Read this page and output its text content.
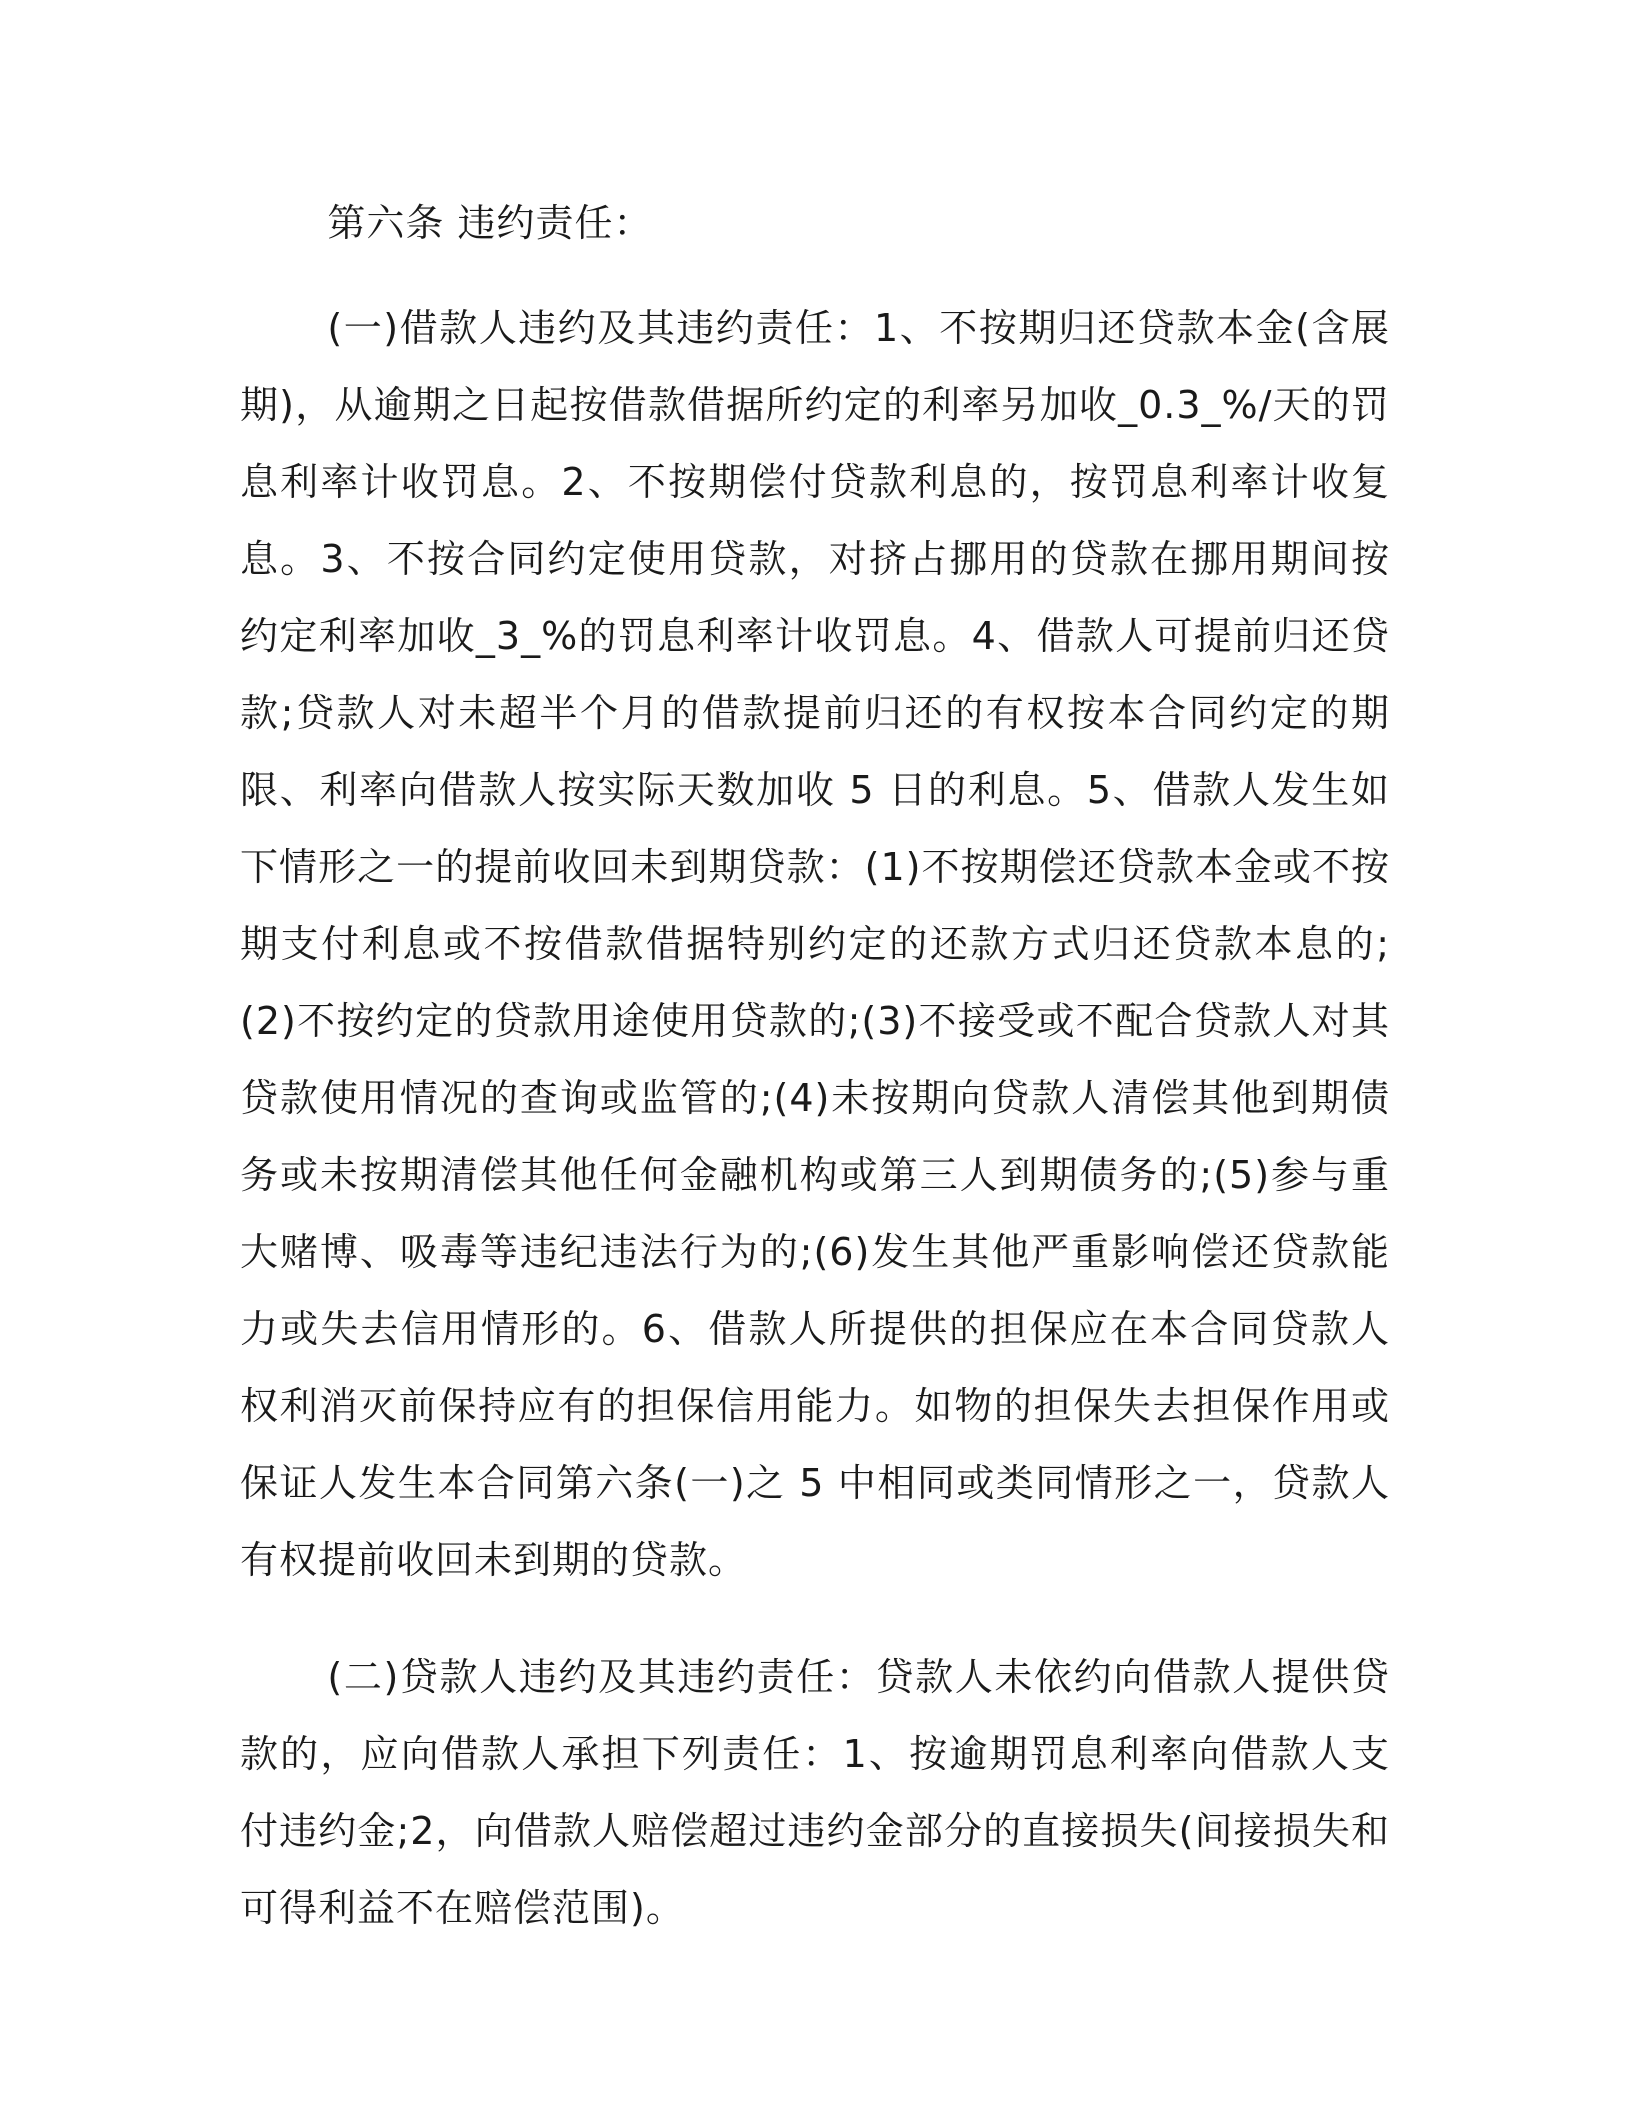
第六条 违约责任：

(一)借款人违约及其违约责任：1、不按期归还贷款本金(含展期)，从逾期之日起按借款借据所约定的利率另加收_0.3_%/天的罚息利率计收罚息。2、不按期偿付贷款利息的，按罚息利率计收复息。3、不按合同约定使用贷款，对挤占挪用的贷款在挪用期间按约定利率加收_3_%的罚息利率计收罚息。4、借款人可提前归还贷款;贷款人对未超半个月的借款提前归还的有权按本合同约定的期限、利率向借款人按实际天数加收 5 日的利息。5、借款人发生如下情形之一的提前收回未到期贷款：(1)不按期偿还贷款本金或不按期支付利息或不按借款借据特别约定的还款方式归还贷款本息的;(2)不按约定的贷款用途使用贷款的;(3)不接受或不配合贷款人对其贷款使用情况的查询或监管的;(4)未按期向贷款人清偿其他到期债务或未按期清偿其他任何金融机构或第三人到期债务的;(5)参与重大赌博、吸毒等违纪违法行为的;(6)发生其他严重影响偿还贷款能力或失去信用情形的。6、借款人所提供的担保应在本合同贷款人权利消灭前保持应有的担保信用能力。如物的担保失去担保作用或保证人发生本合同第六条(一)之 5 中相同或类同情形之一，贷款人有权提前收回未到期的贷款。

(二)贷款人违约及其违约责任：贷款人未依约向借款人提供贷款的，应向借款人承担下列责任：1、按逾期罚息利率向借款人支付违约金;2，向借款人赔偿超过违约金部分的直接损失(间接损失和可得利益不在赔偿范围)。
